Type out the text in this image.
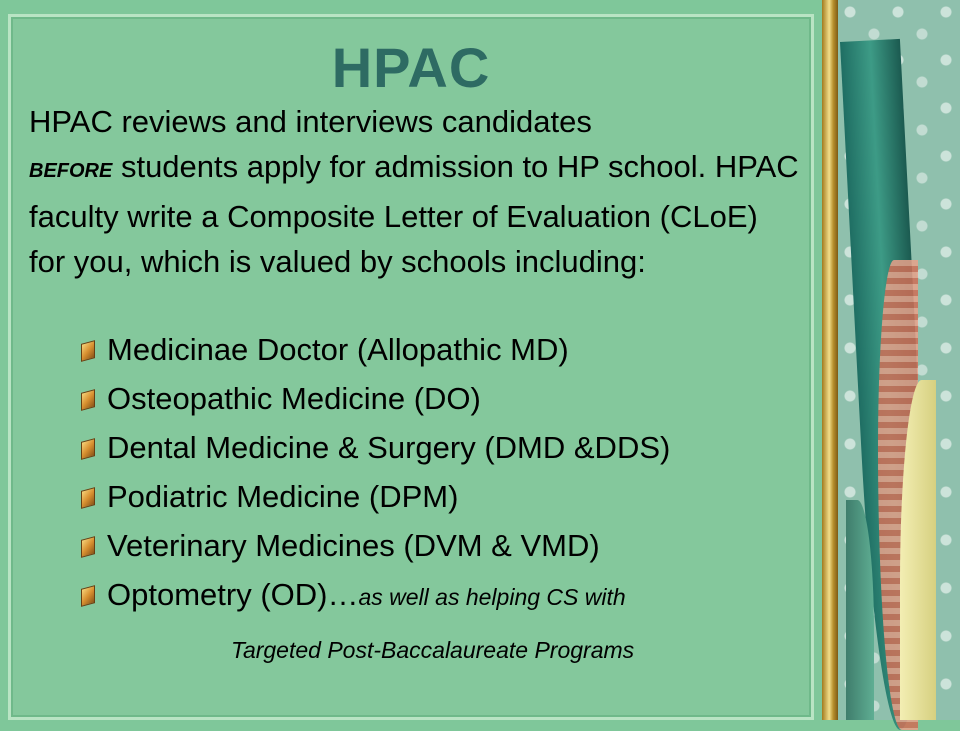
HPAC

HPAC reviews and interviews candidates
BEFORE students apply for admission to HP school. HPAC faculty write a Composite Letter of Evaluation (CLoE) for you, which is valued by schools including:

Medicinae Doctor (Allopathic MD)
Osteopathic Medicine (DO)
Dental Medicine & Surgery (DMD &DDS)
Podiatric Medicine (DPM)
Veterinary Medicines (DVM & VMD)
Optometry (OD)…as well as helping CS with
Targeted Post-Baccalaureate Programs
